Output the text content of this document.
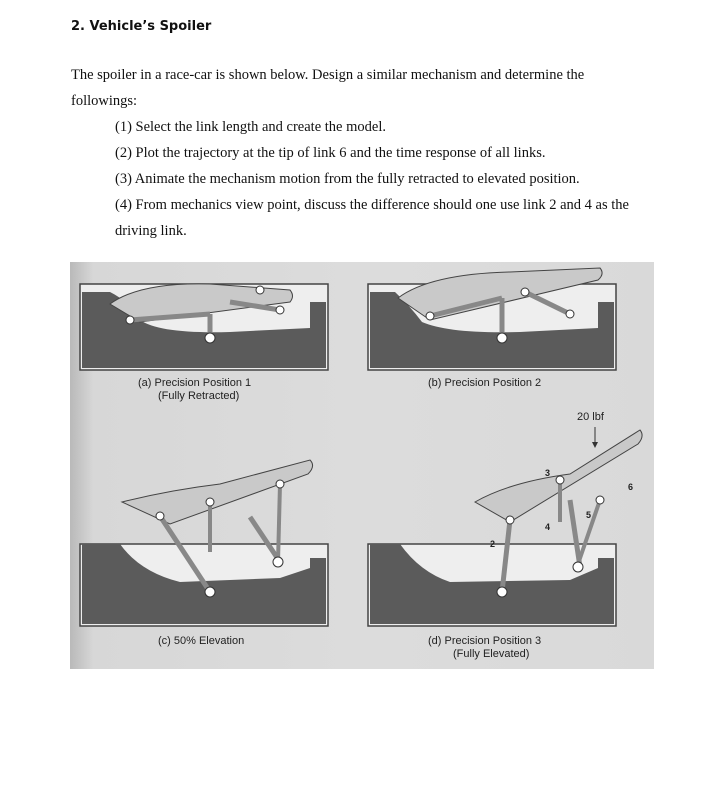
2. Vehicle’s Spoiler
The spoiler in a race-car is shown below. Design a similar mechanism and determine the
followings:
(1) Select the link length and create the model.
(2) Plot the trajectory at the tip of link 6 and the time response of all links.
(3) Animate the mechanism motion from the fully retracted to elevated position.
(4) From mechanics view point, discuss the difference should one use link 2 and 4 as the
driving link.
(a) Precision Position 1
(Fully Retracted)
(b) Precision Position 2
(c) 50% Elevation
20 lbf
2
3
4
5
6
(d) Precision Position 3
(Fully Elevated)
